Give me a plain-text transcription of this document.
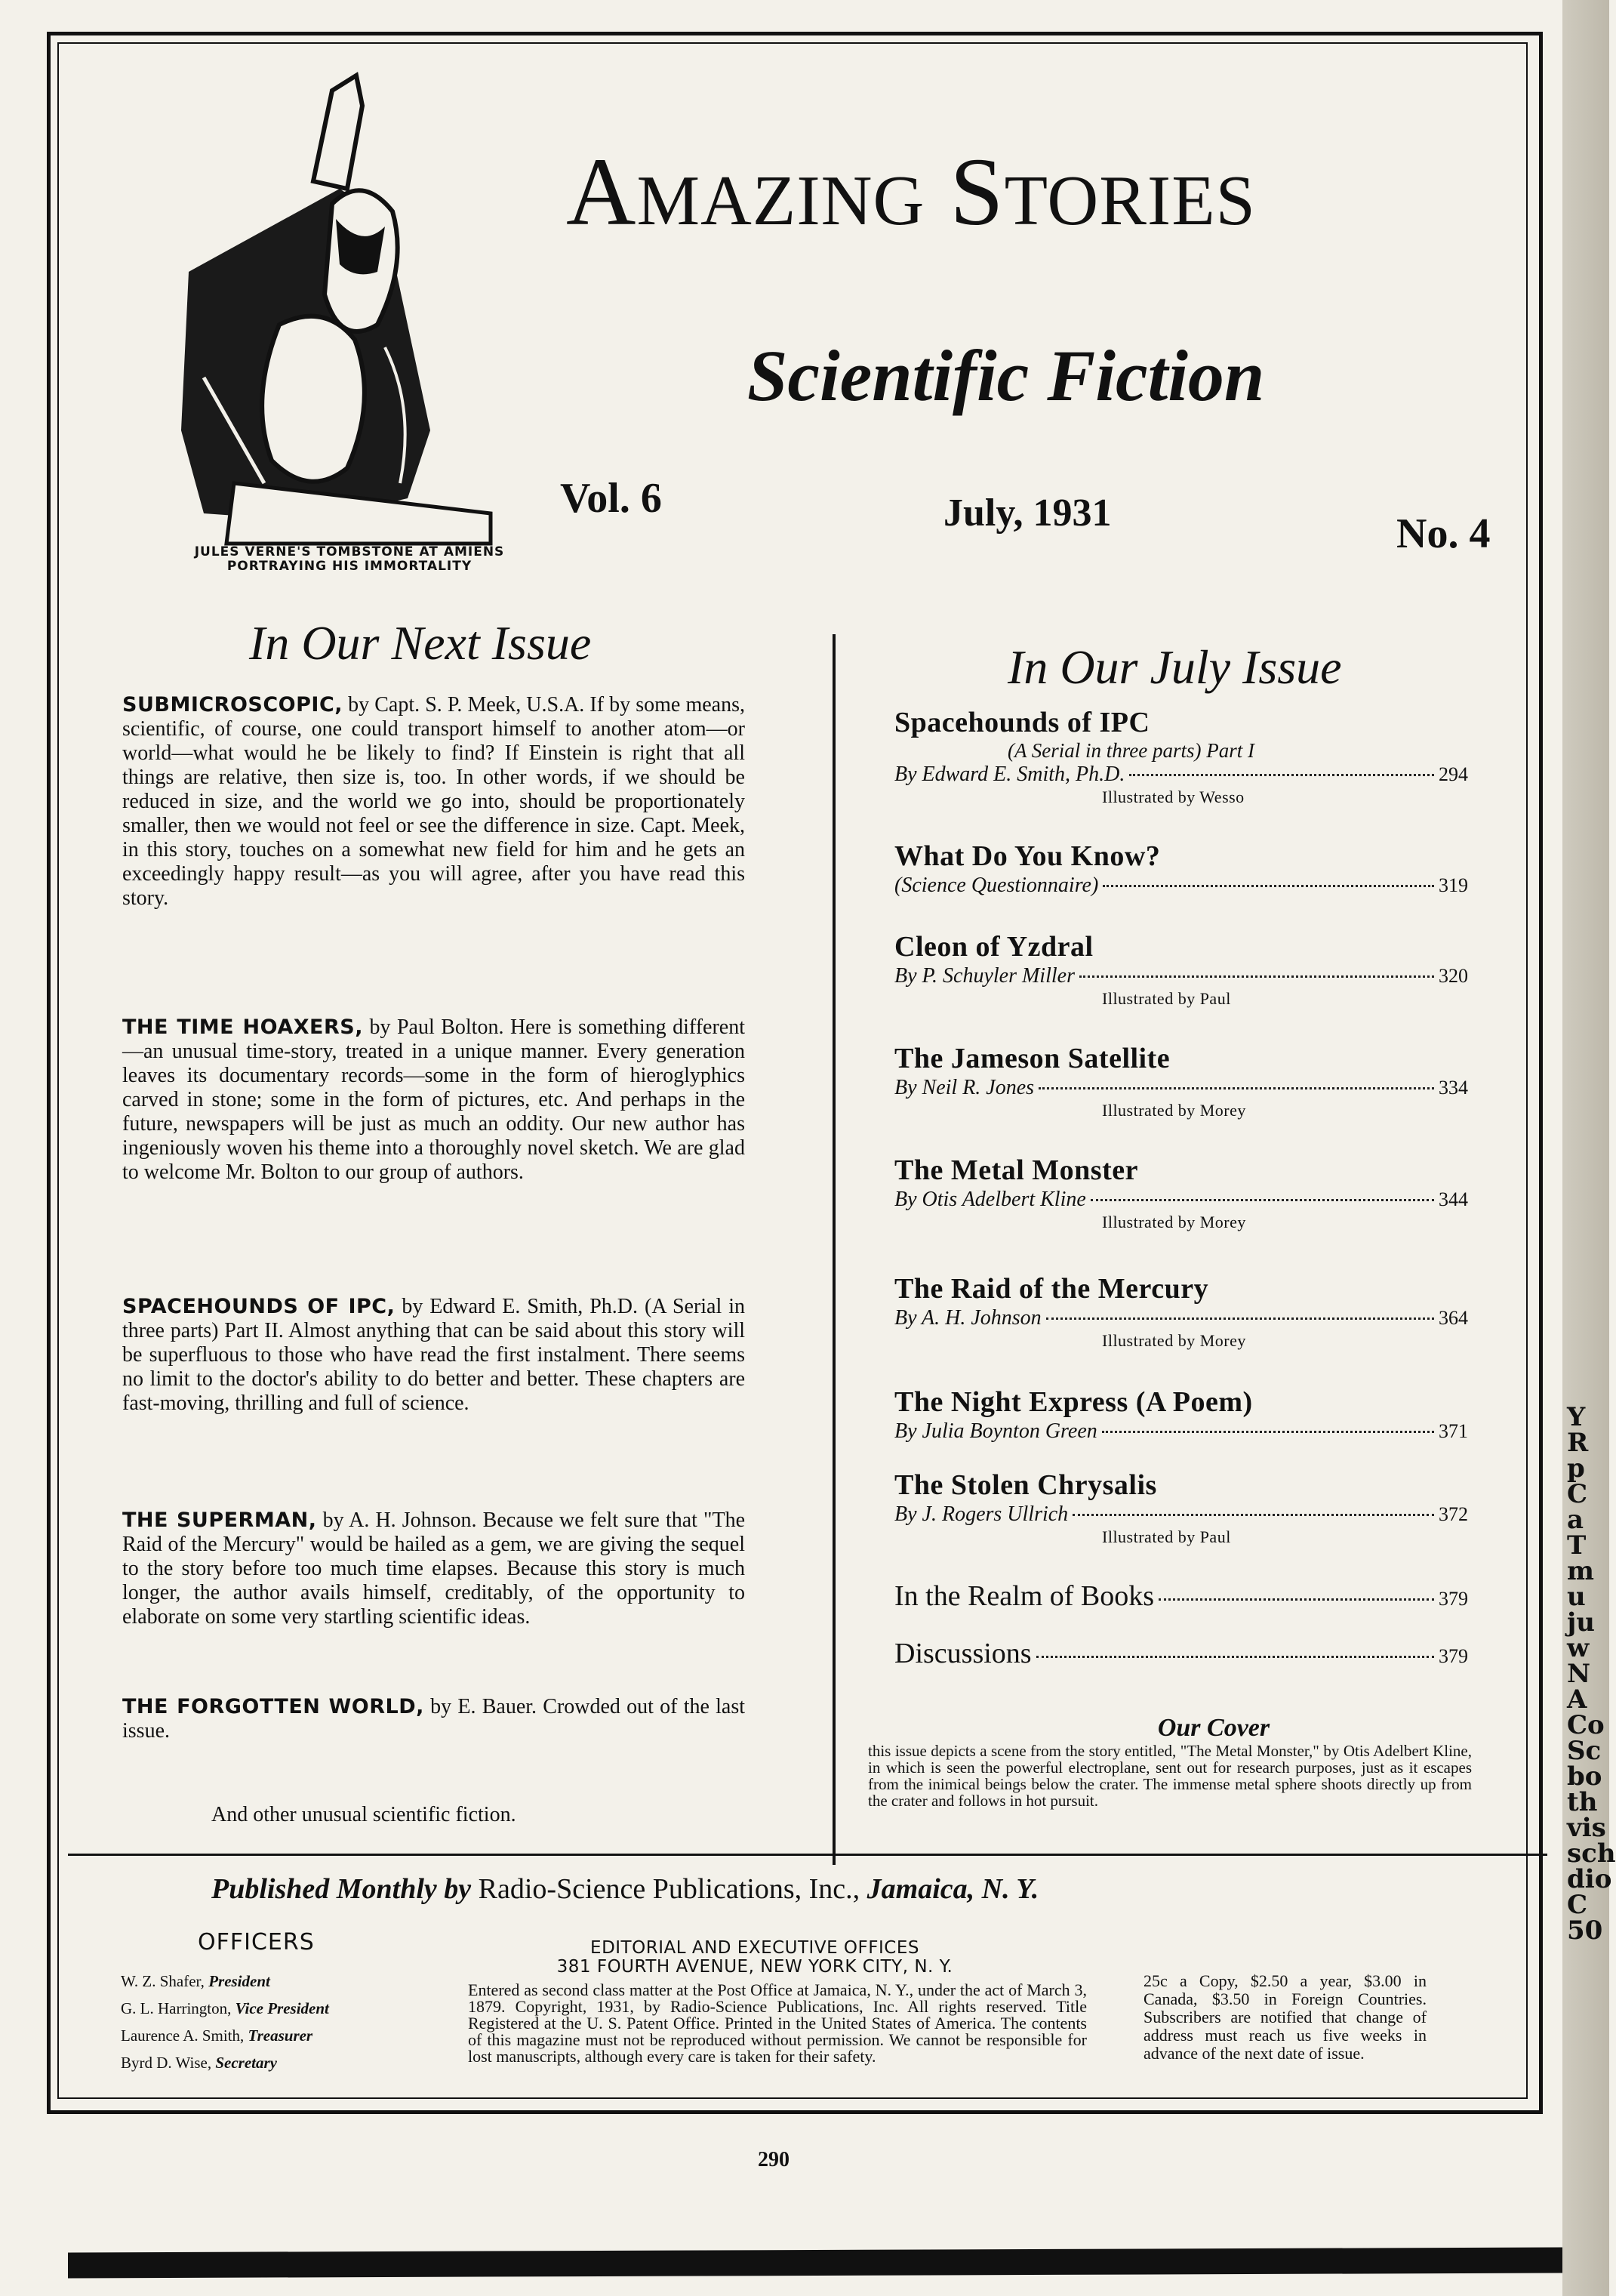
JULES VERNE'S TOMBSTONE AT AMIENS
PORTRAYING HIS IMMORTALITY
AMAZING STORIES
Scientific Fiction
Vol. 6	July, 1931	No. 4
In Our Next Issue

SUBMICROSCOPIC, by Capt. S. P. Meek, U.S.A. If by some means, scientific, of course, one could transport himself to another atom—or world—what would he be likely to find? If Einstein is right that all things are relative, then size is, too. In other words, if we should be reduced in size, and the world we go into, should be proportionately smaller, then we would not feel or see the difference in size. Capt. Meek, in this story, touches on a somewhat new field for him and he gets an exceedingly happy result—as you will agree, after you have read this story.

THE TIME HOAXERS, by Paul Bolton. Here is something different—an unusual time-story, treated in a unique manner. Every generation leaves its documentary records—some in the form of hieroglyphics carved in stone; some in the form of pictures, etc. And perhaps in the future, newspapers will be just as much an oddity. Our new author has ingeniously woven his theme into a thoroughly novel sketch. We are glad to welcome Mr. Bolton to our group of authors.

SPACEHOUNDS OF IPC, by Edward E. Smith, Ph.D. (A Serial in three parts) Part II. Almost anything that can be said about this story will be superfluous to those who have read the first instalment. There seems no limit to the doctor's ability to do better and better. These chapters are fast-moving, thrilling and full of science.

THE SUPERMAN, by A. H. Johnson. Because we felt sure that "The Raid of the Mercury" would be hailed as a gem, we are giving the sequel to the story before too much time elapses. Because this story is much longer, the author avails himself, creditably, of the opportunity to elaborate on some very startling scientific ideas.

THE FORGOTTEN WORLD, by E. Bauer. Crowded out of the last issue.

And other unusual scientific fiction.
In Our July Issue
Spacehounds of IPC
(A Serial in three parts) Part I
By Edward E. Smith, Ph.D.	294
Illustrated by Wesso
What Do You Know?
(Science Questionnaire)	319
Cleon of Yzdral
By P. Schuyler Miller	320
Illustrated by Paul
The Jameson Satellite
By Neil R. Jones	334
Illustrated by Morey
The Metal Monster
By Otis Adelbert Kline	344
Illustrated by Morey
The Raid of the Mercury
By A. H. Johnson	364
Illustrated by Morey
The Night Express (A Poem)
By Julia Boynton Green	371
The Stolen Chrysalis
By J. Rogers Ullrich	372
Illustrated by Paul
In the Realm of Books	379
Discussions	379
Our Cover

this issue depicts a scene from the story entitled, "The Metal Monster," by Otis Adelbert Kline, in which is seen the powerful electroplane, sent out for research purposes, just as it escapes from the inimical beings below the crater. The immense metal sphere shoots directly up from the crater and follows in hot pursuit.

Published Monthly by Radio-Science Publications, Inc., Jamaica, N. Y.
OFFICERS
W. Z. Shafer, President
G. L. Harrington, Vice President
Laurence A. Smith, Treasurer
Byrd D. Wise, Secretary
EDITORIAL AND EXECUTIVE OFFICES
381 FOURTH AVENUE, NEW YORK CITY, N. Y.

Entered as second class matter at the Post Office at Jamaica, N. Y., under the act of March 3, 1879. Copyright, 1931, by Radio-Science Publications, Inc. All rights reserved. Title Registered at the U. S. Patent Office. Printed in the United States of America. The contents of this magazine must not be reproduced without permission. We cannot be responsible for lost manuscripts, although every care is taken for their safety.

25c a Copy, $2.50 a year, $3.00 in Canada, $3.50 in Foreign Countries. Subscribers are notified that change of address must reach us five weeks in advance of the next date of issue.

290
Y
R
p
C
a
T
m
u
ju
w
N
A
Co
Sc
bo
th
vis
sch
dio
C
50
